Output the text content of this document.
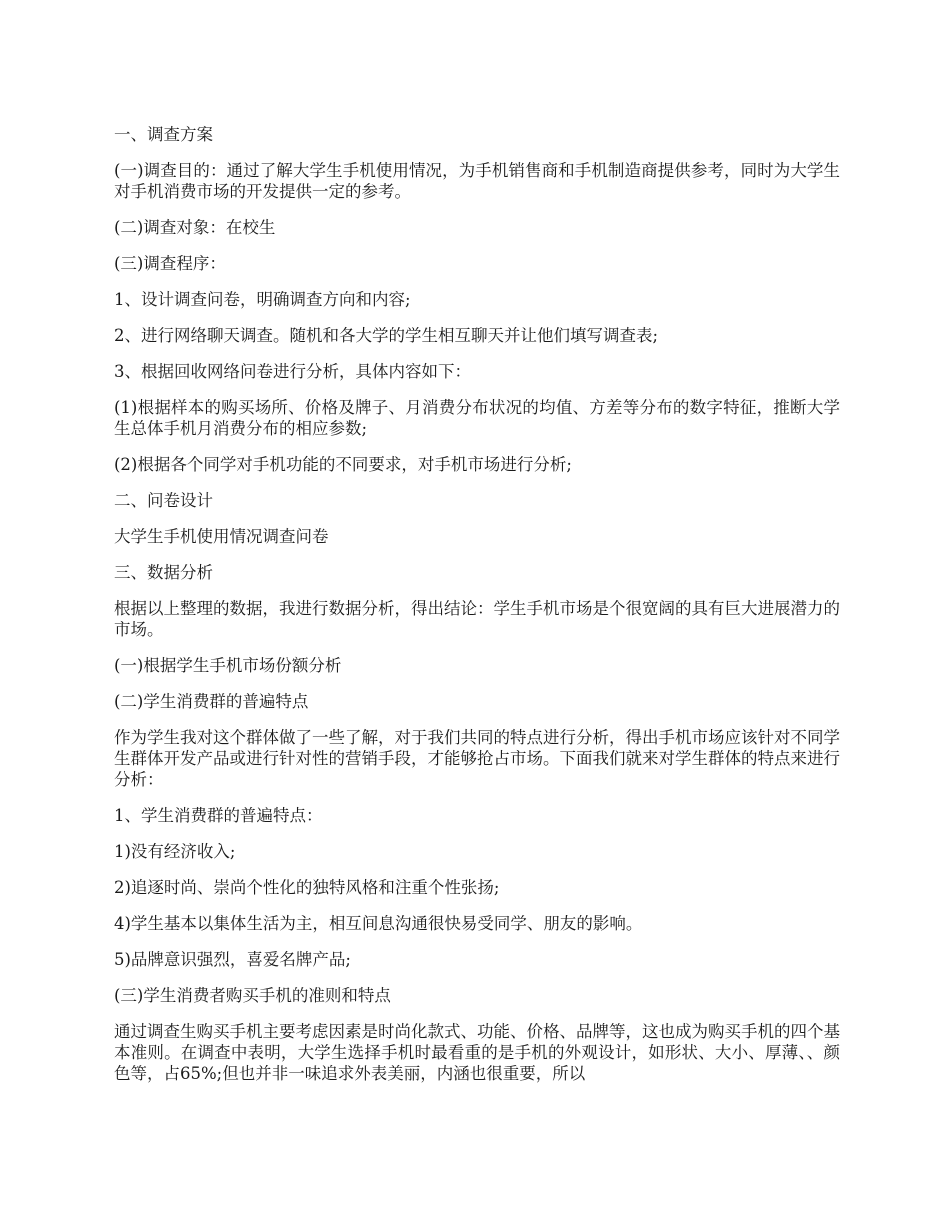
一、调查方案

(一)调查目的：通过了解大学生手机使用情况，为手机销售商和手机制造商提供参考，同时为大学生对手机消费市场的开发提供一定的参考。

(二)调查对象：在校生

(三)调查程序：

1、设计调查问卷，明确调查方向和内容;

2、进行网络聊天调查。随机和各大学的学生相互聊天并让他们填写调查表;

3、根据回收网络问卷进行分析，具体内容如下：

(1)根据样本的购买场所、价格及牌子、月消费分布状况的均值、方差等分布的数字特征，推断大学生总体手机月消费分布的相应参数;

(2)根据各个同学对手机功能的不同要求，对手机市场进行分析;

二、问卷设计

大学生手机使用情况调查问卷

三、数据分析

根据以上整理的数据，我进行数据分析，得出结论：学生手机市场是个很宽阔的具有巨大进展潜力的市场。

(一)根据学生手机市场份额分析

(二)学生消费群的普遍特点

作为学生我对这个群体做了一些了解，对于我们共同的特点进行分析，得出手机市场应该针对不同学生群体开发产品或进行针对性的营销手段，才能够抢占市场。下面我们就来对学生群体的特点来进行分析：

1、学生消费群的普遍特点：

1)没有经济收入;

2)追逐时尚、崇尚个性化的独特风格和注重个性张扬;

4)学生基本以集体生活为主，相互间息沟通很快易受同学、朋友的影响。

5)品牌意识强烈，喜爱名牌产品;

(三)学生消费者购买手机的准则和特点

通过调查生购买手机主要考虑因素是时尚化款式、功能、价格、品牌等，这也成为购买手机的四个基本准则。在调查中表明，大学生选择手机时最看重的是手机的外观设计，如形状、大小、厚薄、、颜色等，占65%;但也并非一味追求外表美丽，内涵也很重要，所以
